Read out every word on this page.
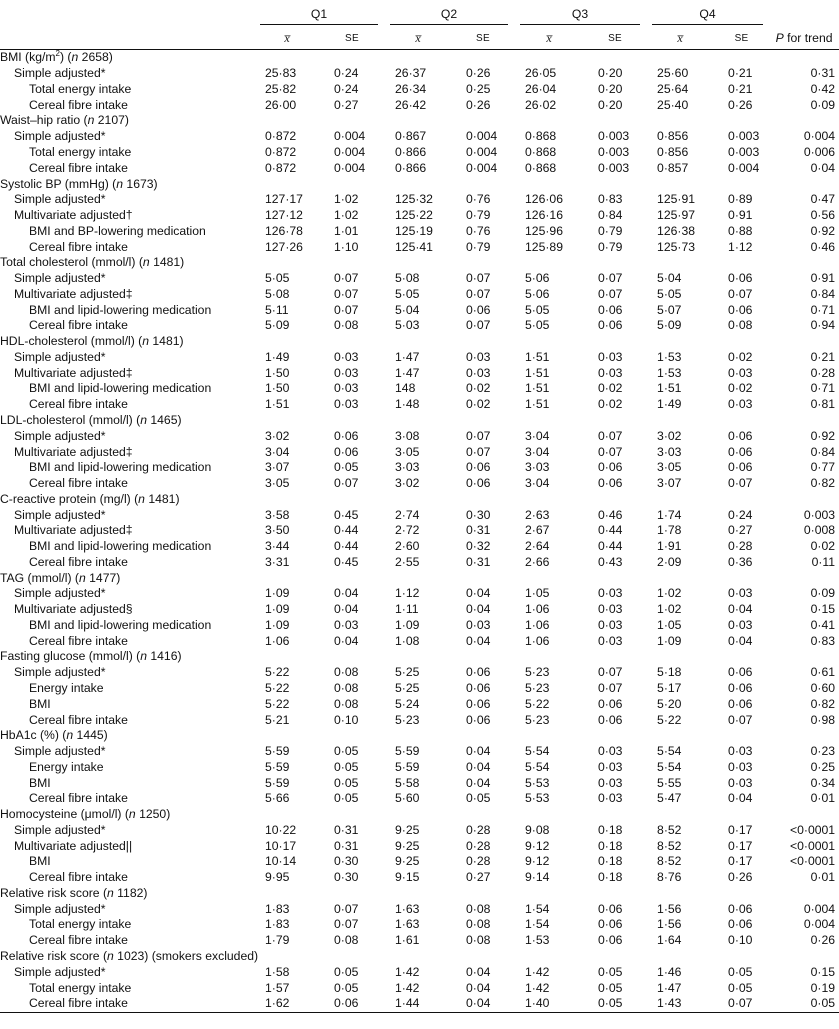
	Q1		Q2		Q3		Q4		
	x̅	SE	x̅	SE	x̅	SE	x̅	SE	P for trend
BMI $(kg/m^2)$ (n 2658)									
Simple adjusted*	25·83	0·24	26·37	0·26	26·05	0·20	25·60	0·21	0·31
Total energy intake	25·82	0·24	26·34	0·25	26·04	0·20	25·64	0·21	0·42
Cereal fibre intake	26·00	0·27	26·42	0·26	26·02	0·20	25·40	0·26	0·09
Waist–hip ratio (n 2107)									
Simple adjusted*	0·872	0·004	0·867	0·004	0·868	0·003	0·856	0·003	0·004
Total energy intake	0·872	0·004	0·866	0·004	0·868	0·003	0·856	0·003	0·006
Cereal fibre intake	0·872	0·004	0·866	0·004	0·868	0·003	0·857	0·004	0·04
Systolic BP (mmHg) (n 1673)									
Simple adjusted*	127·17	1·02	125·32	0·76	126·06	0·83	125·91	0·89	0·47
Multivariate adjusted†	127·12	1·02	125·22	0·79	126·16	0·84	125·97	0·91	0·56
BMI and BP-lowering medication	126·78	1·01	125·19	0·76	125·96	0·79	126·38	0·88	0·92
Cereal fibre intake	127·26	1·10	125·41	0·79	125·89	0·79	125·73	1·12	0·46
Total cholesterol (mmol/l) (n 1481)									
Simple adjusted*	5·05	0·07	5·08	0·07	5·06	0·07	5·04	0·06	0·91
Multivariate adjusted‡	5·08	0·07	5·05	0·07	5·06	0·07	5·05	0·07	0·84
BMI and lipid-lowering medication	5·11	0·07	5·04	0·06	5·05	0·06	5·07	0·06	0·71
Cereal fibre intake	5·09	0·08	5·03	0·07	5·05	0·06	5·09	0·08	0·94
HDL-cholesterol (mmol/l) (n 1481)									
Simple adjusted*	1·49	0·03	1·47	0·03	1·51	0·03	1·53	0·02	0·21
Multivariate adjusted‡	1·50	0·03	1·47	0·03	1·51	0·03	1·53	0·03	0·28
BMI and lipid-lowering medication	1·50	0·03	148	0·02	1·51	0·02	1·51	0·02	0·71
Cereal fibre intake	1·51	0·03	1·48	0·02	1·51	0·02	1·49	0·03	0·81
LDL-cholesterol (mmol/l) (n 1465)									
Simple adjusted*	3·02	0·06	3·08	0·07	3·04	0·07	3·02	0·06	0·92
Multivariate adjusted‡	3·04	0·06	3·05	0·07	3·04	0·07	3·03	0·06	0·84
BMI and lipid-lowering medication	3·07	0·05	3·03	0·06	3·03	0·06	3·05	0·06	0·77
Cereal fibre intake	3·05	0·07	3·02	0·06	3·04	0·06	3·07	0·07	0·82
C-reactive protein (mg/l) (n 1481)									
Simple adjusted*	3·58	0·45	2·74	0·30	2·63	0·46	1·74	0·24	0·003
Multivariate adjusted‡	3·50	0·44	2·72	0·31	2·67	0·44	1·78	0·27	0·008
BMI and lipid-lowering medication	3·44	0·44	2·60	0·32	2·64	0·44	1·91	0·28	0·02
Cereal fibre intake	3·31	0·45	2·55	0·31	2·66	0·43	2·09	0·36	0·11
TAG (mmol/l) (n 1477)									
Simple adjusted*	1·09	0·04	1·12	0·04	1·05	0·03	1·02	0·03	0·09
Multivariate adjusted§	1·09	0·04	1·11	0·04	1·06	0·03	1·02	0·04	0·15
BMI and lipid-lowering medication	1·09	0·03	1·09	0·03	1·06	0·03	1·05	0·03	0·41
Cereal fibre intake	1·06	0·04	1·08	0·04	1·06	0·03	1·09	0·04	0·83
Fasting glucose (mmol/l) (n 1416)									
Simple adjusted*	5·22	0·08	5·25	0·06	5·23	0·07	5·18	0·06	0·61
Energy intake	5·22	0·08	5·25	0·06	5·23	0·07	5·17	0·06	0·60
BMI	5·22	0·08	5·24	0·06	5·22	0·06	5·20	0·06	0·82
Cereal fibre intake	5·21	0·10	5·23	0·06	5·23	0·06	5·22	0·07	0·98
HbA1c (%) (n 1445)									
Simple adjusted*	5·59	0·05	5·59	0·04	5·54	0·03	5·54	0·03	0·23
Energy intake	5·59	0·05	5·59	0·04	5·54	0·03	5·54	0·03	0·25
BMI	5·59	0·05	5·58	0·04	5·53	0·03	5·55	0·03	0·34
Cereal fibre intake	5·66	0·05	5·60	0·05	5·53	0·03	5·47	0·04	0·01
Homocysteine (μmol/l) (n 1250)									
Simple adjusted*	10·22	0·31	9·25	0·28	9·08	0·18	8·52	0·17	<0·0001
Multivariate adjusted||	10·17	0·31	9·25	0·28	9·12	0·18	8·52	0·17	<0·0001
BMI	10·14	0·30	9·25	0·28	9·12	0·18	8·52	0·17	<0·0001
Cereal fibre intake	9·95	0·30	9·15	0·27	9·14	0·18	8·76	0·26	0·01
Relative risk score (n 1182)									
Simple adjusted*	1·83	0·07	1·63	0·08	1·54	0·06	1·56	0·06	0·004
Total energy intake	1·83	0·07	1·63	0·08	1·54	0·06	1·56	0·06	0·004
Cereal fibre intake	1·79	0·08	1·61	0·08	1·53	0·06	1·64	0·10	0·26
Relative risk score (n 1023) (smokers excluded)									
Simple adjusted*	1·58	0·05	1·42	0·04	1·42	0·05	1·46	0·05	0·15
Total energy intake	1·57	0·05	1·42	0·04	1·42	0·05	1·47	0·05	0·19
Cereal fibre intake	1·62	0·06	1·44	0·04	1·40	0·05	1·43	0·07	0·05
